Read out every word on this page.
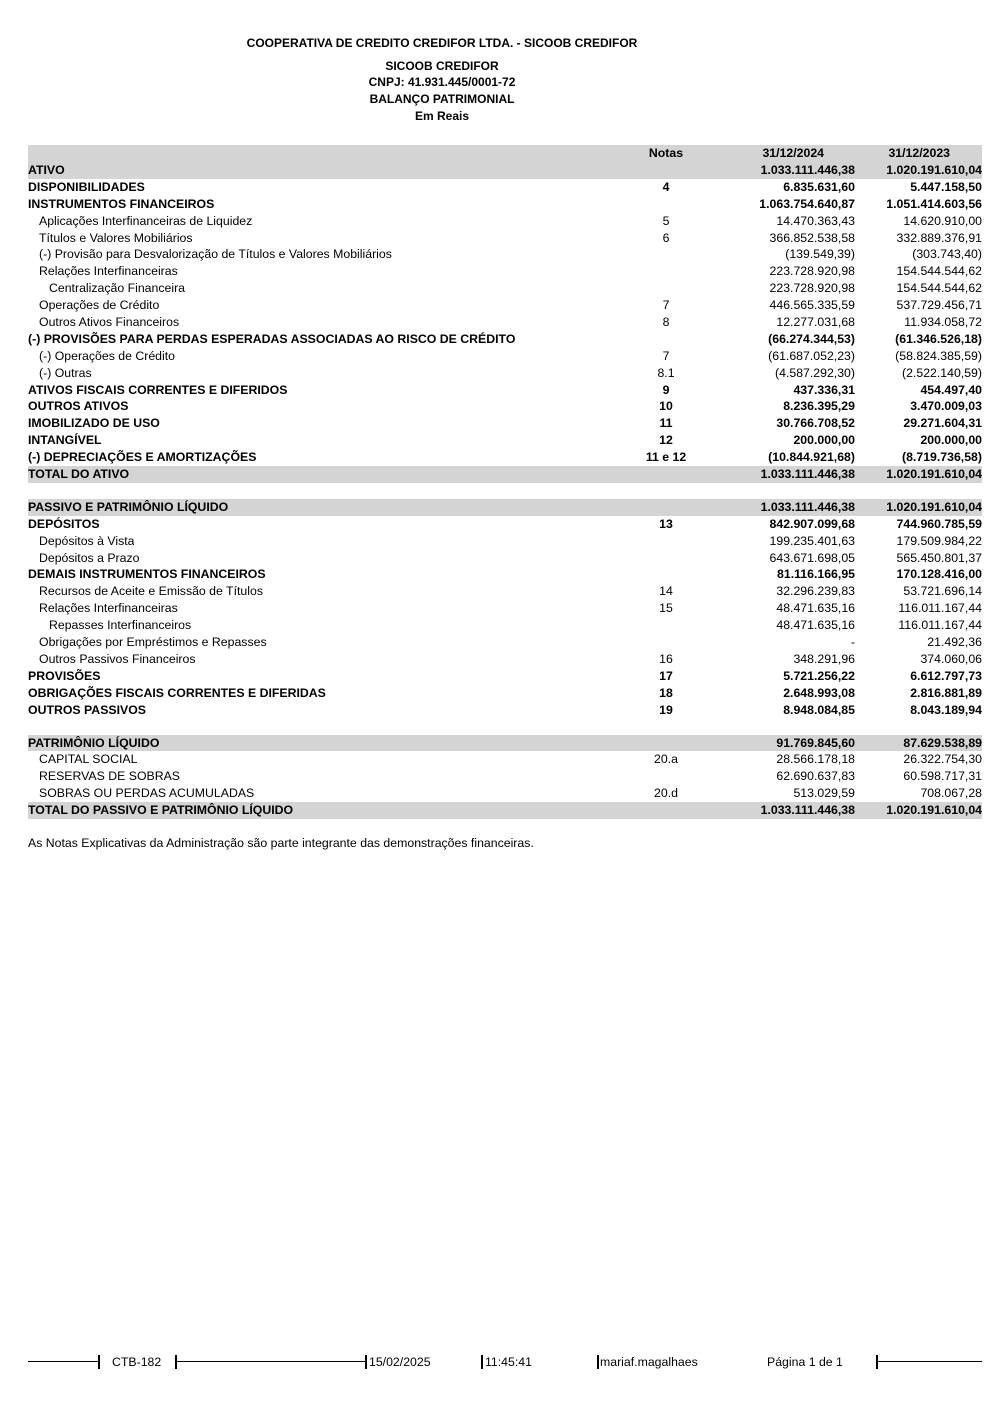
COOPERATIVA DE CREDITO CREDIFOR LTDA. - SICOOB CREDIFOR
SICOOB CREDIFOR
CNPJ: 41.931.445/0001-72
BALANÇO PATRIMONIAL
Em Reais
Notas	31/12/2024	31/12/2023
ATIVO	1.033.111.446,38	1.020.191.610,04
DISPONIBILIDADES	4	6.835.631,60	5.447.158,50
INSTRUMENTOS FINANCEIROS	1.063.754.640,87	1.051.414.603,56
Aplicações Interfinanceiras de Liquidez	5	14.470.363,43	14.620.910,00
Títulos e Valores Mobiliários	6	366.852.538,58	332.889.376,91
(-) Provisão para Desvalorização de Títulos e Valores Mobiliários	(139.549,39)	(303.743,40)
Relações Interfinanceiras	223.728.920,98	154.544.544,62
Centralização Financeira	223.728.920,98	154.544.544,62
Operações de Crédito	7	446.565.335,59	537.729.456,71
Outros Ativos Financeiros	8	12.277.031,68	11.934.058,72
(-) PROVISÕES PARA PERDAS ESPERADAS ASSOCIADAS AO RISCO DE CRÉDITO	(66.274.344,53)	(61.346.526,18)
(-) Operações de Crédito	7	(61.687.052,23)	(58.824.385,59)
(-) Outras	8.1	(4.587.292,30)	(2.522.140,59)
ATIVOS FISCAIS CORRENTES E DIFERIDOS	9	437.336,31	454.497,40
OUTROS ATIVOS	10	8.236.395,29	3.470.009,03
IMOBILIZADO DE USO	11	30.766.708,52	29.271.604,31
INTANGÍVEL	12	200.000,00	200.000,00
(-) DEPRECIAÇÕES E AMORTIZAÇÕES	11 e 12	(10.844.921,68)	(8.719.736,58)
TOTAL DO ATIVO	1.033.111.446,38	1.020.191.610,04
PASSIVO E PATRIMÔNIO LÍQUIDO	1.033.111.446,38	1.020.191.610,04
DEPÓSITOS	13	842.907.099,68	744.960.785,59
Depósitos à Vista	199.235.401,63	179.509.984,22
Depósitos a Prazo	643.671.698,05	565.450.801,37
DEMAIS INSTRUMENTOS FINANCEIROS	81.116.166,95	170.128.416,00
Recursos de Aceite e Emissão de Títulos	14	32.296.239,83	53.721.696,14
Relações Interfinanceiras	15	48.471.635,16	116.011.167,44
Repasses Interfinanceiros	48.471.635,16	116.011.167,44
Obrigações por Empréstimos e Repasses	-	21.492,36
Outros Passivos Financeiros	16	348.291,96	374.060,06
PROVISÕES	17	5.721.256,22	6.612.797,73
OBRIGAÇÕES FISCAIS CORRENTES E DIFERIDAS	18	2.648.993,08	2.816.881,89
OUTROS PASSIVOS	19	8.948.084,85	8.043.189,94
PATRIMÔNIO LÍQUIDO	91.769.845,60	87.629.538,89
CAPITAL SOCIAL	20.a	28.566.178,18	26.322.754,30
RESERVAS DE SOBRAS	62.690.637,83	60.598.717,31
SOBRAS OU PERDAS ACUMULADAS	20.d	513.029,59	708.067,28
TOTAL DO PASSIVO E PATRIMÔNIO LÍQUIDO	1.033.111.446,38	1.020.191.610,04
As Notas Explicativas da Administração são parte integrante das demonstrações financeiras.
CTB-182	15/02/2025	11:45:41	mariaf.magalhaes	Página 1 de 1
